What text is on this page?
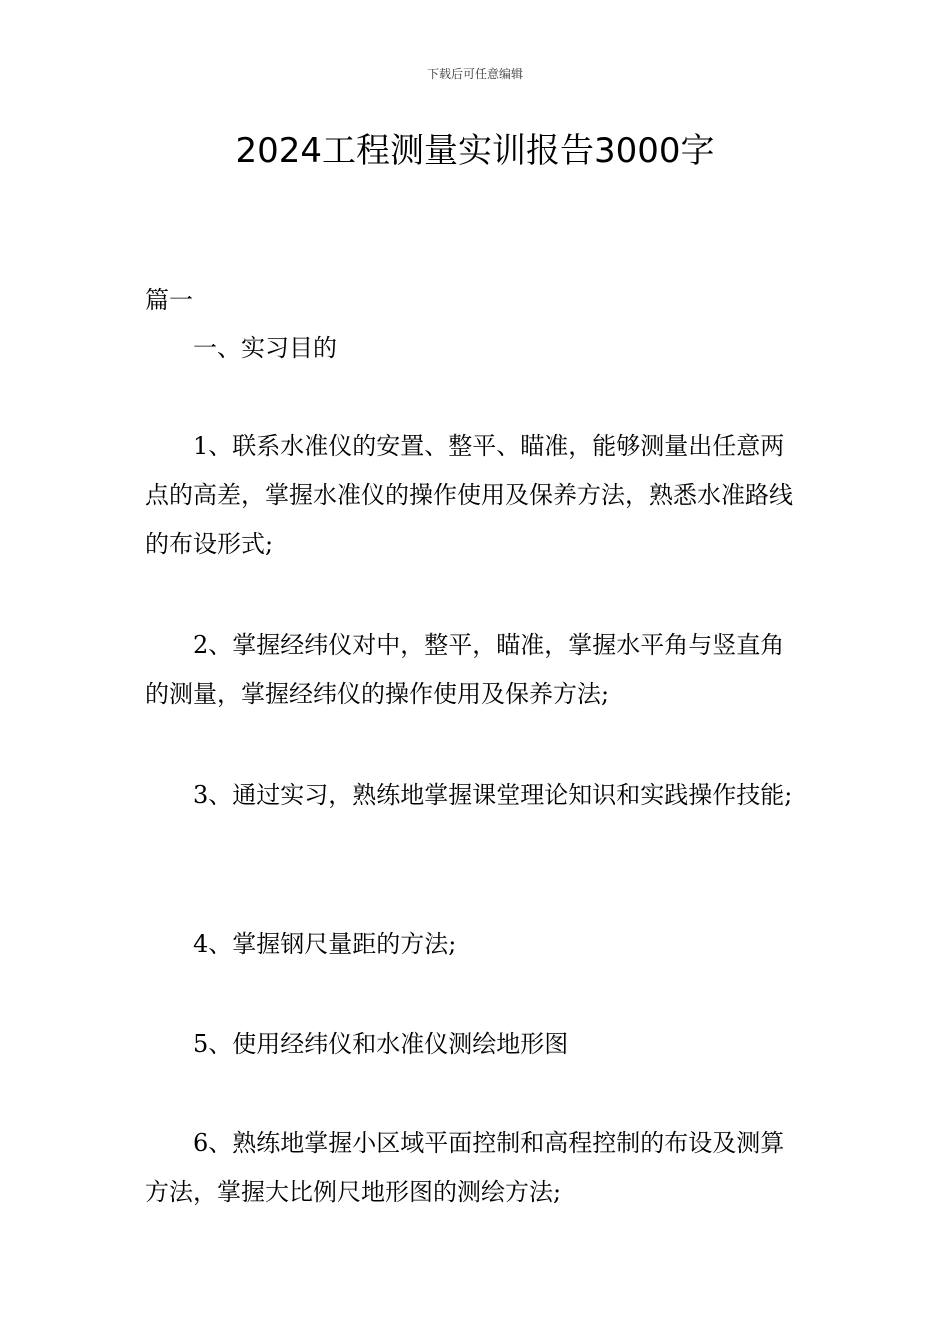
下载后可任意编辑
2024工程测量实训报告3000字

篇一

一、实习目的

1、联系水准仪的安置、整平、瞄准，能够测量出任意两点的高差，掌握水准仪的操作使用及保养方法，熟悉水准路线的布设形式;

2、掌握经纬仪对中，整平，瞄准，掌握水平角与竖直角的测量，掌握经纬仪的操作使用及保养方法;

3、通过实习，熟练地掌握课堂理论知识和实践操作技能;

4、掌握钢尺量距的方法;

5、使用经纬仪和水准仪测绘地形图

6、熟练地掌握小区域平面控制和高程控制的布设及测算方法，掌握大比例尺地形图的测绘方法;
